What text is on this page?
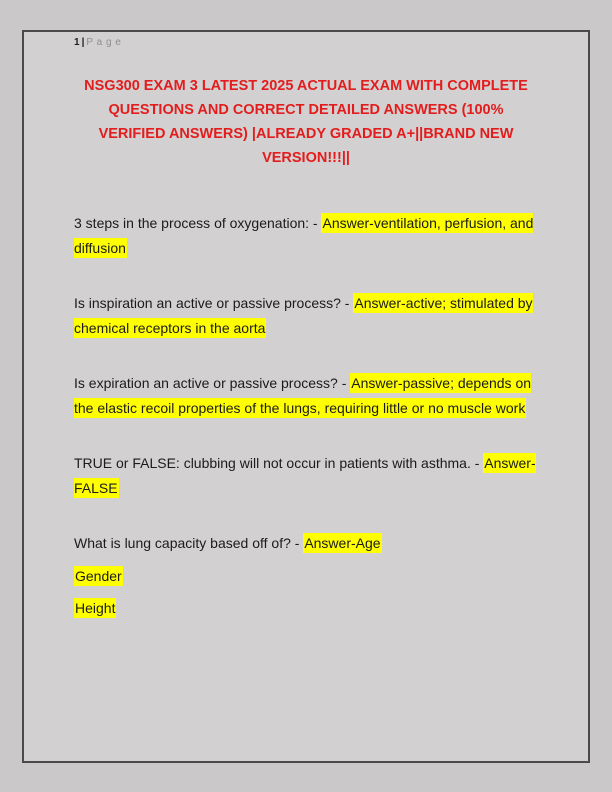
1 | P a g e
NSG300 EXAM 3 LATEST 2025 ACTUAL EXAM WITH COMPLETE QUESTIONS AND CORRECT DETAILED ANSWERS (100% VERIFIED ANSWERS) |ALREADY GRADED A+||BRAND NEW VERSION!!!||

3 steps in the process of oxygenation: - Answer-ventilation, perfusion, and diffusion

Is inspiration an active or passive process? - Answer-active; stimulated by chemical receptors in the aorta

Is expiration an active or passive process? - Answer-passive; depends on the elastic recoil properties of the lungs, requiring little or no muscle work

TRUE or FALSE: clubbing will not occur in patients with asthma. - Answer-FALSE

What is lung capacity based off of? - Answer-Age

Gender

Height
